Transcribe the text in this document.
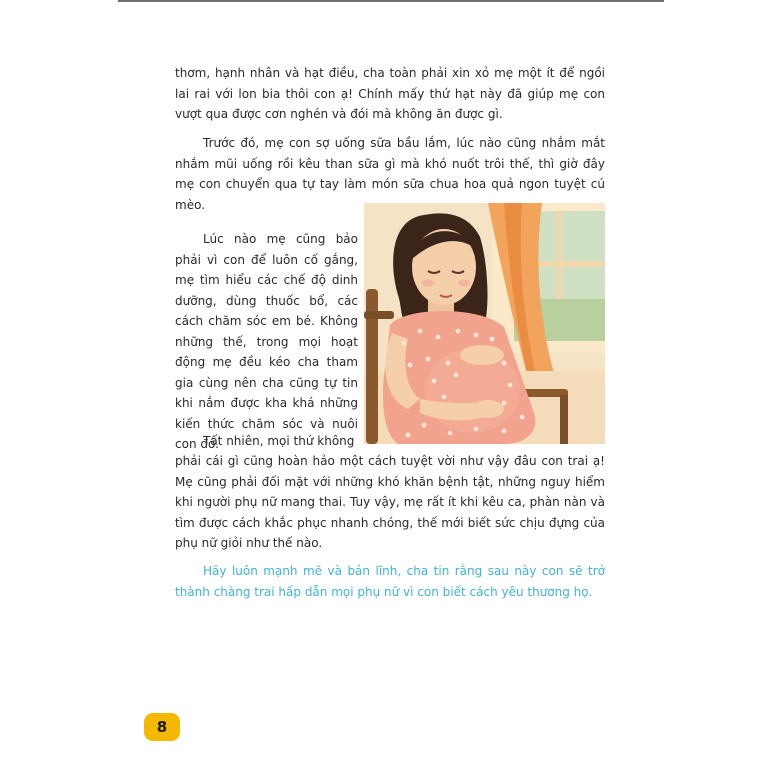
thơm, hạnh nhân và hạt điều, cha toàn phải xin xỏ mẹ một ít để ngồi lai rai với lon bia thôi con ạ! Chính mấy thứ hạt này đã giúp mẹ con vượt qua được cơn nghén và đói mà không ăn được gì.

Trước đó, mẹ con sợ uống sữa bầu lắm, lúc nào cũng nhắm mắt nhắm mũi uống rồi kêu than sữa gì mà khó nuốt trôi thế, thì giờ đây mẹ con chuyển qua tự tay làm món sữa chua hoa quả ngon tuyệt cú mèo.

Lúc nào mẹ cũng bảo phải vì con để luôn cố gắng, mẹ tìm hiểu các chế độ dinh dưỡng, dùng thuốc bổ, các cách chăm sóc em bé. Không những thế, trong mọi hoạt động mẹ đều kéo cha tham gia cùng nên cha cũng tự tin khi nắm được kha khá những kiến thức chăm sóc và nuôi con đó.

Tất nhiên, mọi thứ không

phải cái gì cũng hoàn hảo một cách tuyệt vời như vậy đâu con trai ạ! Mẹ cũng phải đối mặt với những khó khăn bệnh tật, những nguy hiểm khi người phụ nữ mang thai. Tuy vậy, mẹ rất ít khi kêu ca, phàn nàn và tìm được cách khắc phục nhanh chóng, thế mới biết sức chịu đựng của phụ nữ giỏi như thế nào.

Hãy luôn mạnh mẽ và bản lĩnh, cha tin rằng sau này con sẽ trở thành chàng trai hấp dẫn mọi phụ nữ vì con biết cách yêu thương họ.

8
